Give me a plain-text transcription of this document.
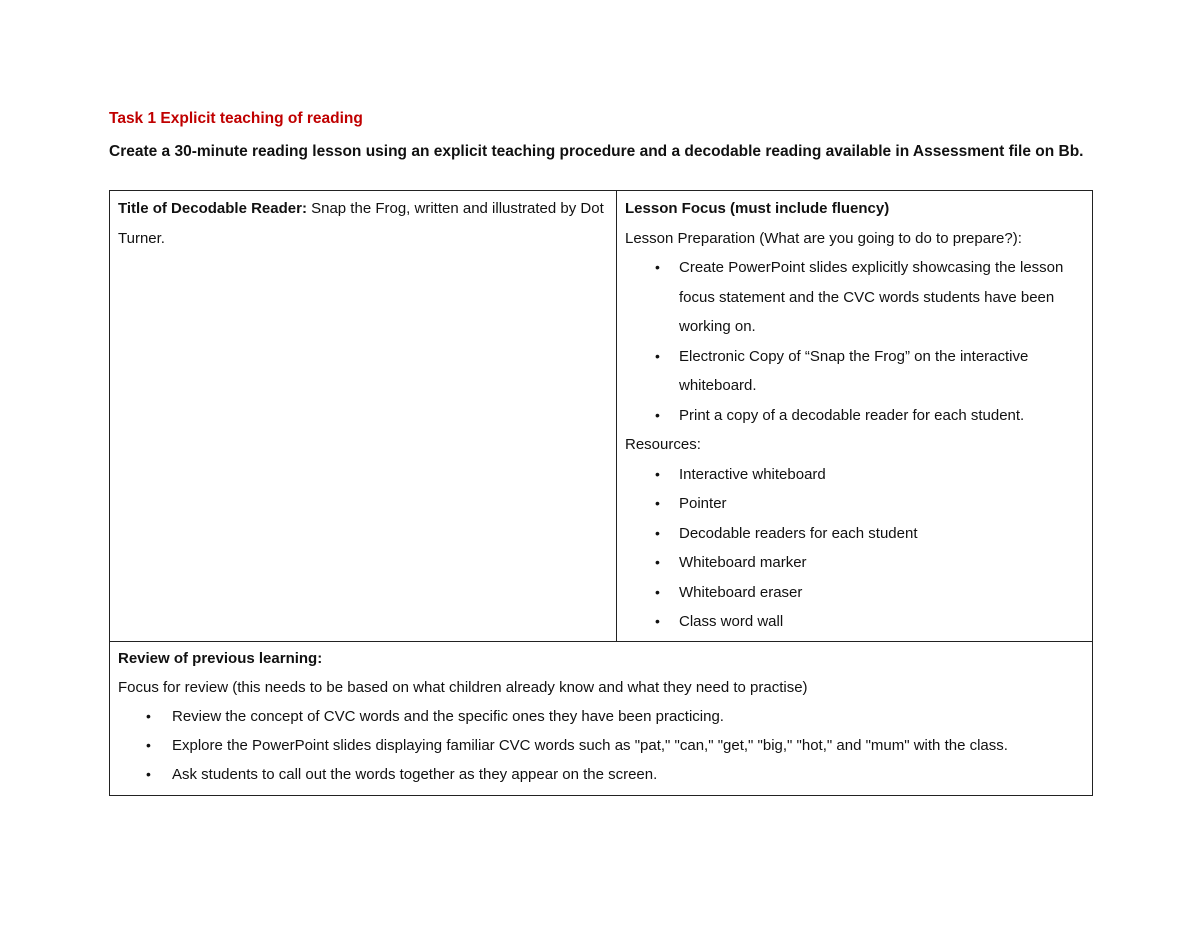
Task 1 Explicit teaching of reading

Create a 30-minute reading lesson using an explicit teaching procedure and a decodable reading available in Assessment file on Bb.

Title of Decodable Reader: Snap the Frog, written and illustrated by Dot Turner.	
Lesson Focus (must include fluency)
Lesson Preparation (What are you going to do to prepare?):
• Create PowerPoint slides explicitly showcasing the lesson focus statement and the CVC words students have been working on.
• Electronic Copy of “Snap the Frog” on the interactive whiteboard.
• Print a copy of a decodable reader for each student.
Resources:
• Interactive whiteboard
• Pointer
• Decodable readers for each student
• Whiteboard marker
• Whiteboard eraser
• Class word wall

Review of previous learning:
Focus for review (this needs to be based on what children already know and what they need to practise)
• Review the concept of CVC words and the specific ones they have been practicing.
• Explore the PowerPoint slides displaying familiar CVC words such as "pat," "can," "get," "big," "hot," and "mum" with the class.
• Ask students to call out the words together as they appear on the screen.
